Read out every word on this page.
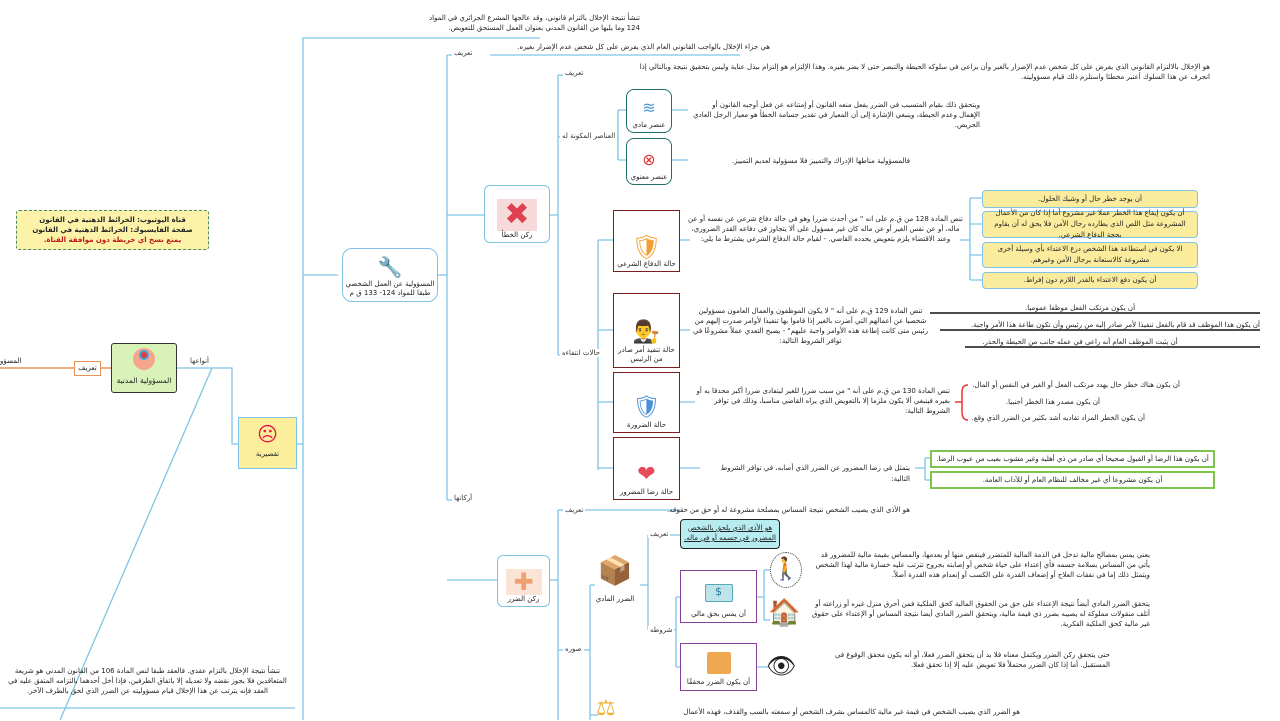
قناة اليوتيوب: الخرائط الذهنية في القانون
صفحة الفايسبوك: الخرائط الذهنية في القانون
يمنع نسخ اي خريطة دون موافقة القناة.
المسؤو
تعريف
المسؤولية المدنية
أنواعها
☹
تقصيرية
تنشأ نتيجة الإخلال بالتزام عقدي. فالعقد طبقا لنص المادة 106 من القانون المدني هو شريعة المتعاقدين فلا يجوز نقضه ولا تعديله إلا باتفاق الطرفين، فإذا أخل أحدهما بالتزامه المتفق عليه في العقد فإنه يترتب عن هذا الإخلال قيام مسؤوليته عن الضرر الذي لحق بالطرف الآخر.
تنشأ نتيجة الإخلال بالتزام قانوني، وقد عالجها المشرع الجزائري في المواد 124 وما يليها من القانون المدني بعنوان العمل المستحق للتعويض.
تعريف
هي جزاء الإخلال بالواجب القانوني العام الذي يفرض على كل شخص عدم الإضرار بغيره.
أركانها
🔧
المسؤولية عن العمل الشخصي طبقا للمواد 124- 133 ق م
✖
ركن الخطأ
تعريف
هو الإخلال بالالتزام القانوني الذي يفرض على كل شخص عدم الإضرار بالغير وأن يراعي في سلوكه الحيطة والتبصر حتى لا يضر بغيره. وهذا الإلتزام هو إلتزام ببذل عناية وليس بتحقيق نتيجة وبالتالي إذا انحرف عن هذا السلوك أعتبر مخطئا واستلزم ذلك قيام مسؤوليته.
العناصر المكونة له
≋
عنصر مادي
ويتحقق ذلك بقيام المتسبب في الضرر بفعل منعه القانون أو إمتناعه عن فعل أوجبه القانون أو الإهمال وعدم الحيطة، وينبغي الإشارة إلى أن المعيار في تقدير جسامة الخطأ هو معيار الرجل العادي الحريص.
⊗
عنصر معنوي
فالمسؤولية مناطها الإدراك والتمييز فلا مسؤولية لعديم التمييز.
حالات انتفاءه
🛡
حالة الدفاع الشرعي
تنص المادة 128 من ق.م على انه " من أحدث ضررا وهو في حالة دفاع شرعي عن نفسه أو عن ماله، أو عن نفس الغير أو عن ماله كان غير مسؤول على ألا يتجاوز في دفاعه القدر الضروري، وعند الاقتضاء يلزم بتعويض يحدده القاضي. - لقيام حالة الدفاع الشرعي يشترط ما يلي:
أن يوجد خطر حال أو وشيك الحلول.
أن يكون إيقاع هذا الخطر عملا غير مشروع أما إذا كان من الأعمال المشروعة مثل اللص الذي يطارده رجال الأمن فلا يحق له أن يقاوم بحجة الدفاع الشرعي.
الا يكون في استطاعة هذا الشخص درع الاعتداء بأي وسيلة أخرى مشروعة كالاستعانة برجال الأمن وغيرهم.
أن يكون دفع الاعتداء بالقدر اللازم دون إفراط.
👨‍⚖
حالة تنفيذ أمر صادر من الرئيس
تنص المادة 129 ق.م على أنه " لا يكون الموظفون والعمال العامون مسؤولين شخصيا عن أعمالهم التي أضرت بالغير إذا قاموا بها تنفيذا لأوامر صدرت إليهم من رئيس متى كانت إطاعة هذه الأوامر واجبة عليهم" - يصبح التعدي عملاً مشروعًا في توافر الشروط التالية:
أن يكون مرتكب الفعل موظفا عموميا.
أن يكون هذا الموظف قد قام بالفعل تنفيذا لأمر صادر إليه من رئيس وأن تكون طاعة هذا الأمر واجبة.
أن يثبت الموظف العام أنه راعى في عمله جانب من الحيطة والحذر.
🛡
حالة الضرورة
تنص المادة 130 من ق.م على أنه " من سبب ضررا للغير ليتفادى ضررا أكبر محدقا به أو بغيره فينبغي ألا يكون ملزما إلا بالتعويض الذي يراه القاضي مناسبا، وذلك في توافر الشروط التالية:
أن يكون هناك خطر حال يهدد مرتكب الفعل أو الغير في النفس أو المال.
أن يكون مصدر هذا الخطر أجنبيا.
أن يكون الخطر المراد تفاديه أشد بكثير من الضرر الذي وقع.
❤
حالة رضا المضرور
يتمثل في رضا المضرور عن الضرر الذي أصابه، في توافر الشروط التالية:
أن يكون هذا الرضا أو القبول صحيحا أي صادر من ذي أهلية وغير مشوب بعيب من عيوب الرضا.
أن يكون مشروعا أي غير مخالف للنظام العام أو للآداب العامة.
✚
ركن الضرر
تعريف	هو الأذى الذي يصيب الشخص نتيجة المساس بمصلحة مشروعة له أو حق من حقوقه.
صوره
📦
الضرر المادي
تعريف
هو الأذى الذي يلحق بالشخص المضرور في جسمه أو في ماله.
شروطه
$
أن يمس بحق مالي
🚶
يعني يمس بمصالح مالية تدخل في الذمة المالية للمتضرر فينقص منها أو يعدمها، والمساس بقيمة مالية للمضرور قد يأتي من المساس بسلامة جسمه فأي إعتداء على حياة شخص أو إصابته بجروح تترتب عليه خسارة مالية لهذا الشخص ويتمثل ذلك إما في نفقات العلاج أو إضعاف القدرة على الكسب أو إنعدام هذه القدرة أصلاً.
🏠	يتحقق الضرر المادي أيضاً نتيجة الإعتداء على حق من الحقوق المالية كحق الملكية فمن أحرق منزل غيره أو زراعته أو أتلف منقولات مملوكة له يصيبه بضرر ذي قيمة مالية، ويتحقق الضرر المادي أيضا نتيجة المساس أو الإعتداء على حقوق غير مالية كحق الملكية الفكرية.
أن يكون الضرر محققًا
👁	حتى يتحقق ركن الضرر ويكتمل معناه فلا بد أن يتحقق الضرر فعلا، أو أنه يكون محقق الوقوع في المستقبل. أما إذا كان الضرر محتملاً فلا تعويض عليه إلا إذا تحقق فعلا.
⚖	هو الضرر الذي يصيب الشخص في قيمة غير مالية كالمساس بشرف الشخص أو سمعته بالسب والقذف، فهذه الأعمال
